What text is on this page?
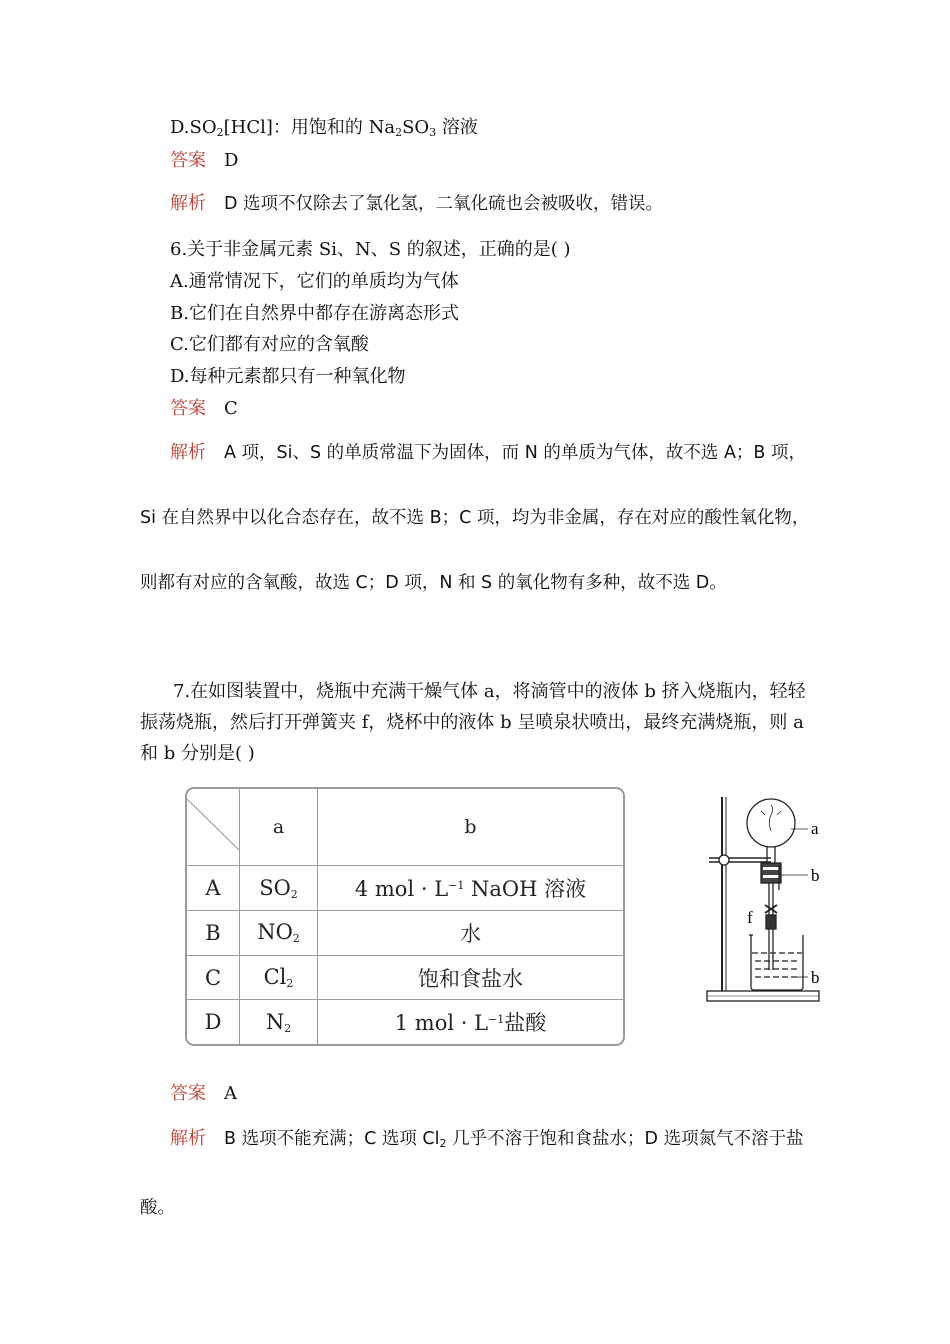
$D.SO_2[HCl]$：用饱和的 $Na_2SO_3$ 溶液
答案 D
解析 D 选项不仅除去了氯化氢，二氧化硫也会被吸收，错误。
6.关于非金属元素 Si、N、S 的叙述，正确的是( )
A.通常情况下，它们的单质均为气体
B.它们在自然界中都存在游离态形式
C.它们都有对应的含氧酸
D.每种元素都只有一种氧化物
答案 C
解析 A 项，Si、S 的单质常温下为固体，而 N 的单质为气体，故不选 A；B 项，Si 在自然界中以化合态存在，故不选 B；C 项，均为非金属，存在对应的酸性氧化物，则都有对应的含氧酸，故选 C；D 项，N 和 S 的氧化物有多种，故不选 D。
7.在如图装置中，烧瓶中充满干燥气体 a，将滴管中的液体 b 挤入烧瓶内，轻轻振荡烧瓶，然后打开弹簧夹 f，烧杯中的液体 b 呈喷泉状喷出，最终充满烧瓶，则 a 和 b 分别是( )
	a	b
A	$SO_2$	4 mol · $L^{-1}$ NaOH 溶液
B	$NO_2$	水
C	$Cl_2$	饱和食盐水
D	$N_2$	1 mol · $L^{-1}$盐酸
a
b
f
b
答案 A
解析 B 选项不能充满；C 选项 $Cl_2$ 几乎不溶于饱和食盐水；D 选项氮气不溶于盐酸。
